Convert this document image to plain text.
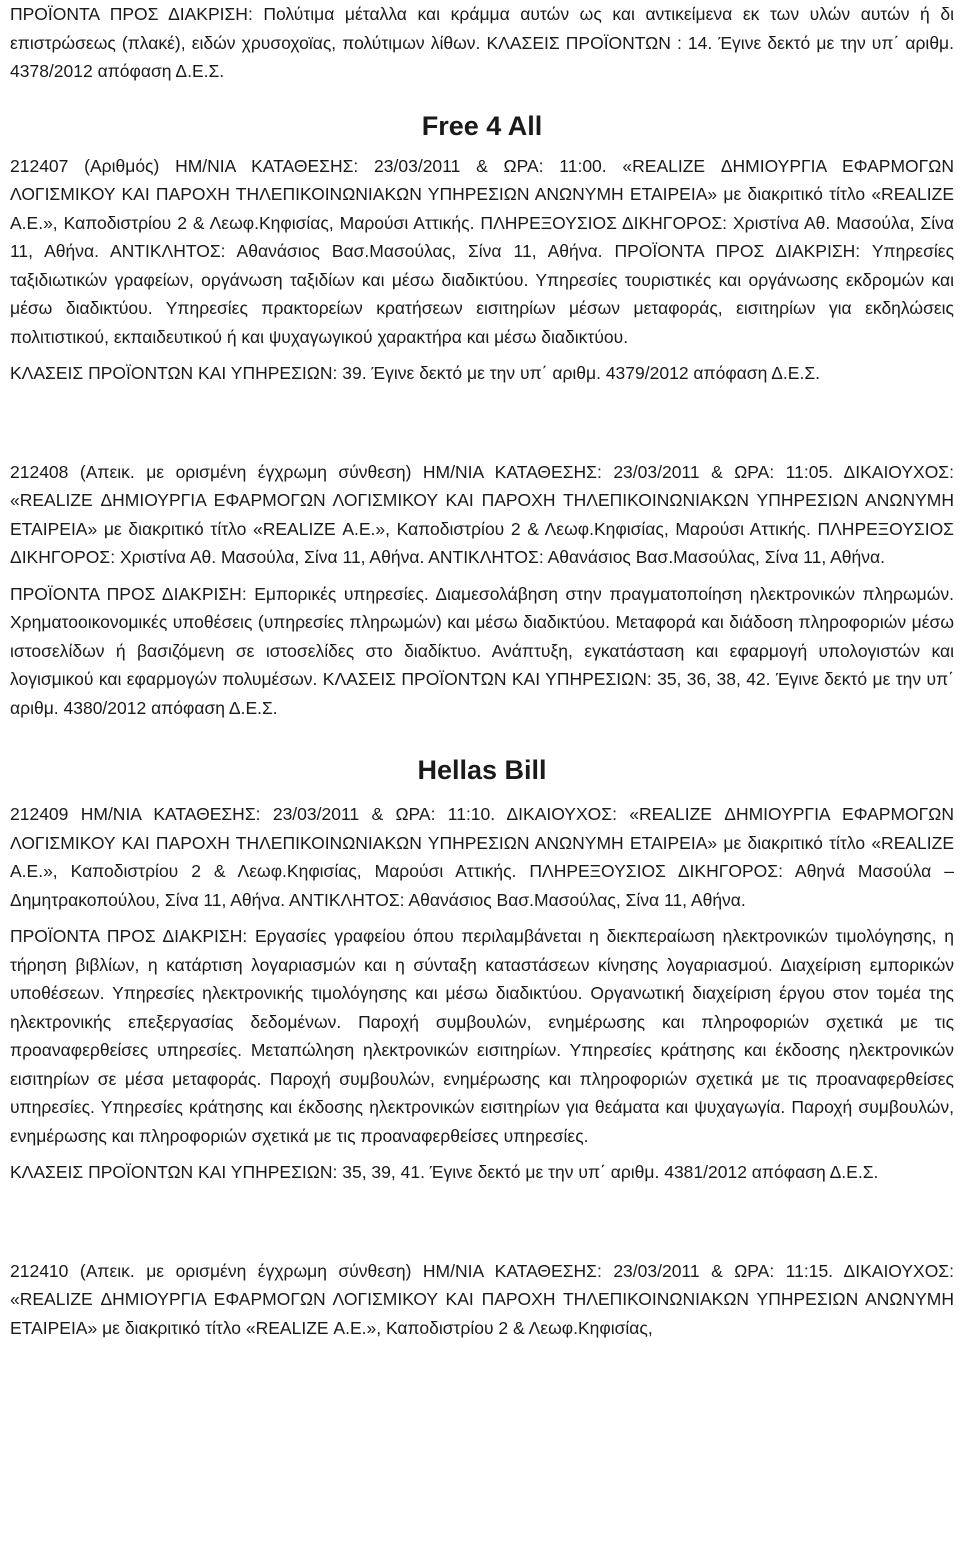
ΠΡΟΪΟΝΤΑ ΠΡΟΣ ΔΙΑΚΡΙΣΗ: Πολύτιμα μέταλλα και κράμμα αυτών ως και αντικείμενα εκ των υλών αυτών ή δι επιστρώσεως (πλακέ), ειδών χρυσοχοϊας, πολύτιμων λίθων. ΚΛΑΣΕΙΣ ΠΡΟΪΟΝΤΩΝ : 14. Έγινε δεκτό με την υπ΄ αριθμ. 4378/2012 απόφαση Δ.Ε.Σ.

Free 4 All

212407 (Αριθμός) ΗΜ/ΝΙΑ ΚΑΤΑΘΕΣΗΣ: 23/03/2011 & ΩΡΑ: 11:00. «REALIZE ΔΗΜΙΟΥΡΓΙΑ ΕΦΑΡΜΟΓΩΝ ΛΟΓΙΣΜΙΚΟΥ ΚΑΙ ΠΑΡΟΧΗ ΤΗΛΕΠΙΚΟΙΝΩΝΙΑΚΩΝ ΥΠΗΡΕΣΙΩΝ ΑΝΩΝΥΜΗ ΕΤΑΙΡΕΙΑ» με διακριτικό τίτλο «REALIZE Α.Ε.», Καποδιστρίου 2 & Λεωφ.Κηφισίας, Μαρούσι Αττικής. ΠΛΗΡΕΞΟΥΣΙΟΣ ΔΙΚΗΓΟΡΟΣ: Χριστίνα Αθ. Μασούλα, Σίνα 11, Αθήνα. ΑΝΤΙΚΛΗΤΟΣ: Αθανάσιος Βασ.Μασούλας, Σίνα 11, Αθήνα. ΠΡΟΪΟΝΤΑ ΠΡΟΣ ΔΙΑΚΡΙΣΗ: Υπηρεσίες ταξιδιωτικών γραφείων, οργάνωση ταξιδίων και μέσω διαδικτύου. Υπηρεσίες τουριστικές και οργάνωσης εκδρομών και μέσω διαδικτύου. Υπηρεσίες πρακτορείων κρατήσεων εισιτηρίων μέσων μεταφοράς, εισιτηρίων για εκδηλώσεις πολιτιστικού, εκπαιδευτικού ή και ψυχαγωγικού χαρακτήρα και μέσω διαδικτύου.

ΚΛΑΣΕΙΣ ΠΡΟΪΟΝΤΩΝ ΚΑΙ ΥΠΗΡΕΣΙΩΝ: 39. Έγινε δεκτό με την υπ΄ αριθμ. 4379/2012 απόφαση Δ.Ε.Σ.

212408 (Απεικ. με ορισμένη έγχρωμη σύνθεση) ΗΜ/ΝΙΑ ΚΑΤΑΘΕΣΗΣ: 23/03/2011 & ΩΡΑ: 11:05. ΔΙΚΑΙΟΥΧΟΣ: «REALIZE ΔΗΜΙΟΥΡΓΙΑ ΕΦΑΡΜΟΓΩΝ ΛΟΓΙΣΜΙΚΟΥ ΚΑΙ ΠΑΡΟΧΗ ΤΗΛΕΠΙΚΟΙΝΩΝΙΑΚΩΝ ΥΠΗΡΕΣΙΩΝ ΑΝΩΝΥΜΗ ΕΤΑΙΡΕΙΑ» με διακριτικό τίτλο «REALIZE Α.Ε.», Καποδιστρίου 2 & Λεωφ.Κηφισίας, Μαρούσι Αττικής. ΠΛΗΡΕΞΟΥΣΙΟΣ ΔΙΚΗΓΟΡΟΣ: Χριστίνα Αθ. Μασούλα, Σίνα 11, Αθήνα. ΑΝΤΙΚΛΗΤΟΣ: Αθανάσιος Βασ.Μασούλας, Σίνα 11, Αθήνα.

ΠΡΟΪΟΝΤΑ ΠΡΟΣ ΔΙΑΚΡΙΣΗ: Εμπορικές υπηρεσίες. Διαμεσολάβηση στην πραγματοποίηση ηλεκτρονικών πληρωμών. Χρηματοοικονομικές υποθέσεις (υπηρεσίες πληρωμών) και μέσω διαδικτύου. Μεταφορά και διάδοση πληροφοριών μέσω ιστοσελίδων ή βασιζόμενη σε ιστοσελίδες στο διαδίκτυο. Ανάπτυξη, εγκατάσταση και εφαρμογή υπολογιστών και λογισμικού και εφαρμογών πολυμέσων. ΚΛΑΣΕΙΣ ΠΡΟΪΟΝΤΩΝ ΚΑΙ ΥΠΗΡΕΣΙΩΝ: 35, 36, 38, 42. Έγινε δεκτό με την υπ΄ αριθμ. 4380/2012 απόφαση Δ.Ε.Σ.

Hellas Bill

212409 ΗΜ/ΝΙΑ ΚΑΤΑΘΕΣΗΣ: 23/03/2011 & ΩΡΑ: 11:10. ΔΙΚΑΙΟΥΧΟΣ: «REALIZE ΔΗΜΙΟΥΡΓΙΑ ΕΦΑΡΜΟΓΩΝ ΛΟΓΙΣΜΙΚΟΥ ΚΑΙ ΠΑΡΟΧΗ ΤΗΛΕΠΙΚΟΙΝΩΝΙΑΚΩΝ ΥΠΗΡΕΣΙΩΝ ΑΝΩΝΥΜΗ ΕΤΑΙΡΕΙΑ» με διακριτικό τίτλο «REALIZE Α.Ε.», Καποδιστρίου 2 & Λεωφ.Κηφισίας, Μαρούσι Αττικής. ΠΛΗΡΕΞΟΥΣΙΟΣ ΔΙΚΗΓΟΡΟΣ: Αθηνά Μασούλα – Δημητρακοπούλου, Σίνα 11, Αθήνα. ΑΝΤΙΚΛΗΤΟΣ: Αθανάσιος Βασ.Μασούλας, Σίνα 11, Αθήνα.

ΠΡΟΪΟΝΤΑ ΠΡΟΣ ΔΙΑΚΡΙΣΗ: Εργασίες γραφείου όπου περιλαμβάνεται η διεκπεραίωση ηλεκτρονικών τιμολόγησης, η τήρηση βιβλίων, η κατάρτιση λογαριασμών και η σύνταξη καταστάσεων κίνησης λογαριασμού. Διαχείριση εμπορικών υποθέσεων. Υπηρεσίες ηλεκτρονικής τιμολόγησης και μέσω διαδικτύου. Οργανωτική διαχείριση έργου στον τομέα της ηλεκτρονικής επεξεργασίας δεδομένων. Παροχή συμβουλών, ενημέρωσης και πληροφοριών σχετικά με τις προαναφερθείσες υπηρεσίες. Μεταπώληση ηλεκτρονικών εισιτηρίων. Υπηρεσίες κράτησης και έκδοσης ηλεκτρονικών εισιτηρίων σε μέσα μεταφοράς. Παροχή συμβουλών, ενημέρωσης και πληροφοριών σχετικά με τις προαναφερθείσες υπηρεσίες. Υπηρεσίες κράτησης και έκδοσης ηλεκτρονικών εισιτηρίων για θεάματα και ψυχαγωγία. Παροχή συμβουλών, ενημέρωσης και πληροφοριών σχετικά με τις προαναφερθείσες υπηρεσίες.

ΚΛΑΣΕΙΣ ΠΡΟΪΟΝΤΩΝ ΚΑΙ ΥΠΗΡΕΣΙΩΝ: 35, 39, 41. Έγινε δεκτό με την υπ΄ αριθμ. 4381/2012 απόφαση Δ.Ε.Σ.

212410 (Απεικ. με ορισμένη έγχρωμη σύνθεση) ΗΜ/ΝΙΑ ΚΑΤΑΘΕΣΗΣ: 23/03/2011 & ΩΡΑ: 11:15. ΔΙΚΑΙΟΥΧΟΣ: «REALIZE ΔΗΜΙΟΥΡΓΙΑ ΕΦΑΡΜΟΓΩΝ ΛΟΓΙΣΜΙΚΟΥ ΚΑΙ ΠΑΡΟΧΗ ΤΗΛΕΠΙΚΟΙΝΩΝΙΑΚΩΝ ΥΠΗΡΕΣΙΩΝ ΑΝΩΝΥΜΗ ΕΤΑΙΡΕΙΑ» με διακριτικό τίτλο «REALIZE Α.Ε.», Καποδιστρίου 2 & Λεωφ.Κηφισίας,
